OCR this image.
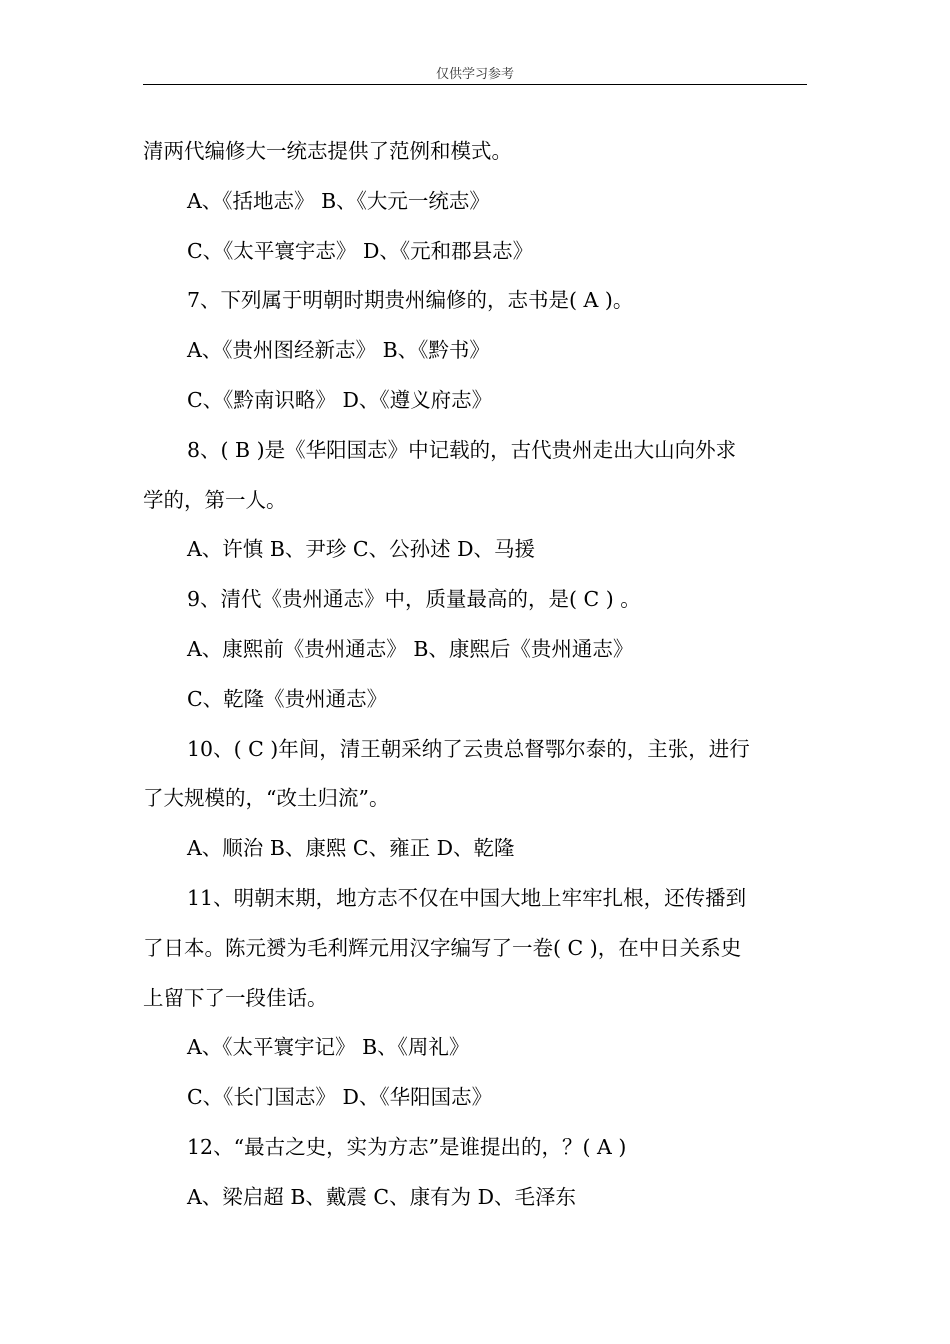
仅供学习参考
清两代编修大一统志提供了范例和模式。
A、《括地志》 B、《大元一统志》
C、《太平寰宇志》 D、《元和郡县志》
7、下列属于明朝时期贵州编修的，志书是( A )。
A、《贵州图经新志》 B、《黔书》
C、《黔南识略》 D、《遵义府志》
8、( B )是《华阳国志》中记载的，古代贵州走出大山向外求
学的，第一人。
A、许慎 B、尹珍 C、公孙述 D、马援
9、清代《贵州通志》中，质量最高的，是( C ) 。
A、康熙前《贵州通志》 B、康熙后《贵州通志》
C、乾隆《贵州通志》
10、( C )年间，清王朝采纳了云贵总督鄂尔泰的，主张，进行
了大规模的，“改土归流”。
A、顺治 B、康熙 C、雍正 D、乾隆
11、明朝末期，地方志不仅在中国大地上牢牢扎根，还传播到
了日本。陈元赟为毛利辉元用汉字编写了一卷( C )，在中日关系史
上留下了一段佳话。
A、《太平寰宇记》 B、《周礼》
C、《长门国志》 D、《华阳国志》
12、“最古之史，实为方志”是谁提出的，？( A )
A、梁启超 B、戴震 C、康有为 D、毛泽东
